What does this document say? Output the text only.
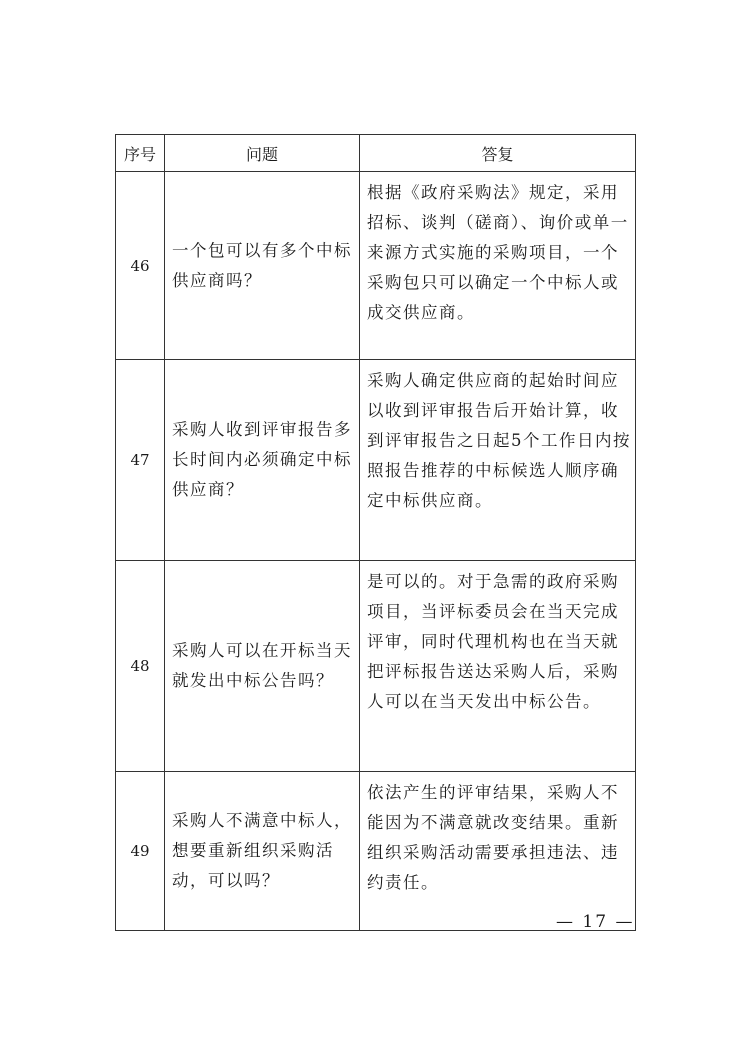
序号	问题	答复
46	一个包可以有多个中标供应商吗？	根据《政府采购法》规定，采用招标、谈判（磋商）、询价或单一来源方式实施的采购项目，一个采购包只可以确定一个中标人或成交供应商。
47	采购人收到评审报告多长时间内必须确定中标供应商？	采购人确定供应商的起始时间应以收到评审报告后开始计算，收到评审报告之日起5个工作日内按照报告推荐的中标候选人顺序确定中标供应商。
48	采购人可以在开标当天就发出中标公告吗？	是可以的。对于急需的政府采购项目，当评标委员会在当天完成评审，同时代理机构也在当天就把评标报告送达采购人后，采购人可以在当天发出中标公告。
49	采购人不满意中标人，想要重新组织采购活动，可以吗？	依法产生的评审结果，采购人不能因为不满意就改变结果。重新组织采购活动需要承担违法、违约责任。
— 17 —
